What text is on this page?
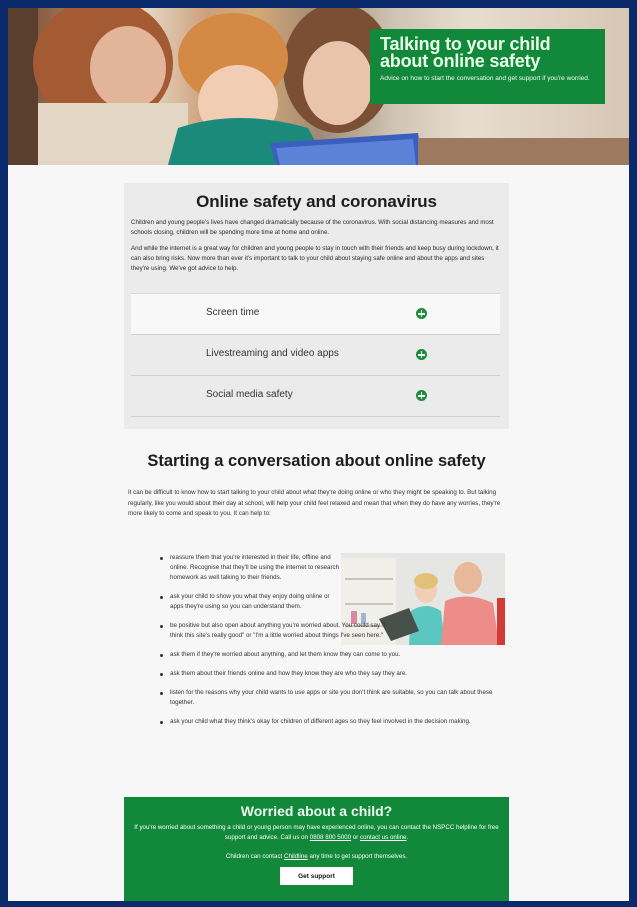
Talking to your child
about online safety
Advice on how to start the conversation and get support if you're worried.
Online safety and coronavirus

Children and young people's lives have changed dramatically because of the coronavirus. With social distancing measures and most schools closing, children will be spending more time at home and online.

And while the internet is a great way for children and young people to stay in touch with their friends and keep busy during lockdown, it can also bring risks. Now more than ever it's important to talk to your child about staying safe online and about the apps and sites they're using. We've got advice to help.

Screen time
Livestreaming and video apps
Social media safety
Starting a conversation about online safety

It can be difficult to know how to start talking to your child about what they're doing online or who they might be speaking to. But talking regularly, like you would about their day at school, will help your child feel relaxed and mean that when they do have any worries, they're more likely to come and speak to you. It can help to:

reassure them that you're interested in their life, offline and online. Recognise that they'll be using the internet to research homework as well talking to their friends.
ask your child to show you what they enjoy doing online or apps they're using so you can understand them.
be positive but also open about anything you're worried about. You could say "I think this site's really good" or "I'm a little worried about things I've seen here."
ask them if they're worried about anything, and let them know they can come to you.
ask them about their friends online and how they know they are who they say they are.
listen for the reasons why your child wants to use apps or site you don't think are suitable, so you can talk about these together.
ask your child what they think's okay for children of different ages so they feel involved in the decision making.
Worried about a child?

If you're worried about something a child or young person may have experienced online, you can contact the NSPCC helpline for free support and advice. Call us on 0808 800 5000 or contact us online.

Children can contact Childline any time to get support themselves.

Get support
